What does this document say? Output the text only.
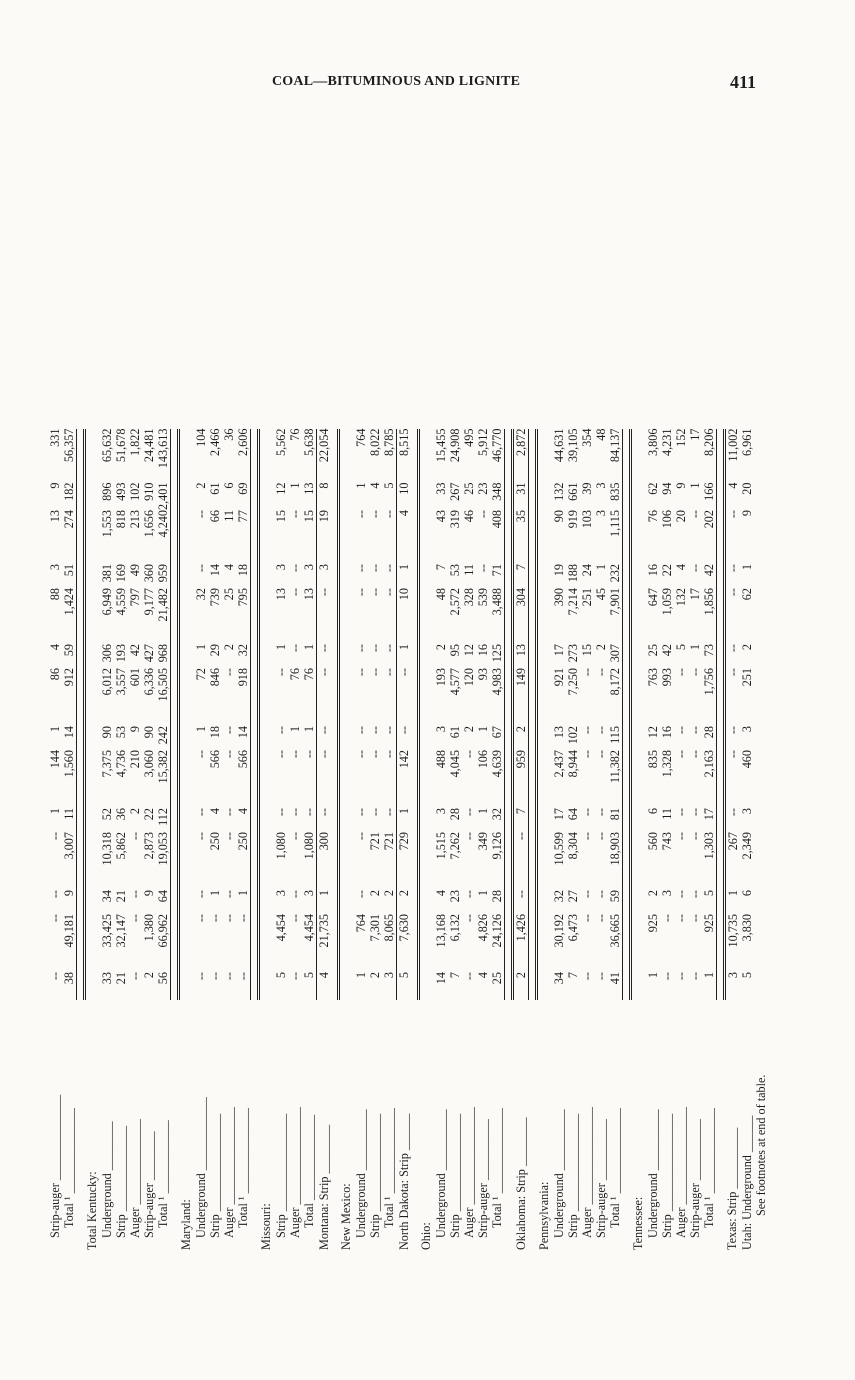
COAL—BITUMINOUS AND LIGNITE	411
Strip-auger ______________	--	--	--	--	1	144	1	86	4	88	3	13	9	331
Total ¹ ______________	38	49,181	9	3,007	11	1,560	14	912	59	1,424	51	274	182	56,357

Total Kentucky:														
Underground ________	33	33,425	34	10,318	52	7,375	90	6,012	306	6,949	381	1,553	896	65,632
Strip ______________	21	32,147	21	5,862	36	4,736	53	3,557	193	4,559	169	818	493	51,678
Auger ______________	--	--	--	--	2	210	9	601	42	797	49	213	102	1,822
Strip-auger ________	2	1,380	9	2,873	22	3,060	90	6,336	427	9,177	360	1,656	910	24,481
Total ¹ ____________	56	66,962	64	19,053	112	15,382	242	16,505	968	21,482	959	4,240	2,401	143,613

Maryland:														
Underground ____________	--	--	--	--	--	--	1	72	1	32	--	--	2	104
Strip ________________	--	--	1	250	4	566	18	846	29	739	14	66	61	2,466
Auger ________________	--	--	--	--	--	--	--	--	2	25	4	11	6	36
Total ¹ ______________	--	--	1	250	4	566	14	918	32	795	18	77	69	2,606

Missouri:														
Strip ________________	5	4,454	3	1,080	--	--	--	--	1	13	3	15	12	5,562
Auger ________________	--	--	--	--	--	--	1	76	--	--	--	--	1	76
Total ______________	5	4,454	3	1,080	--	--	1	76	1	13	3	15	13	5,638
Montana: Strip ________	4	21,735	1	300	--	--	--	--	--	--	3	19	8	22,054

New Mexico:														
Underground __________	1	764	--	--	--	--	--	--	--	--	--	--	1	764
Strip ________________	2	7,301	2	721	--	--	--	--	--	--	--	--	4	8,022
Total ¹ ______________	3	8,065	2	721	--	--	--	--	--	--	--	--	5	8,785
North Dakota: Strip ______	5	7,630	2	729	1	142	--	--	1	10	1	4	10	8,515

Ohio:														
Underground __________	14	13,168	4	1,515	3	488	3	193	2	48	7	43	33	15,455
Strip ________________	7	6,132	23	7,262	28	4,045	61	4,577	95	2,572	53	319	267	24,908
Auger ________________	--	--	--	--	--	--	2	120	12	328	11	46	25	495
Strip-auger __________	4	4,826	1	349	1	106	1	93	16	539	--	--	23	5,912
Total ¹ ______________	25	24,126	28	9,126	32	4,639	67	4,983	125	3,488	71	408	348	46,770

Oklahoma: Strip ________	2	1,426	--	--	7	959	2	149	13	304	7	35	31	2,872

Pennsylvania:														
Underground __________	34	30,192	32	10,599	17	2,437	13	921	17	390	19	90	132	44,631
Strip ________________	7	6,473	27	8,304	64	8,944	102	7,250	273	7,214	188	919	661	39,105
Auger ________________	--	--	--	--	--	--	--	--	15	251	24	103	39	354
Strip-auger __________	--	--	--	--	--	--	--	--	2	45	1	3	3	48
Total ¹ ______________	41	36,665	59	18,903	81	11,382	115	8,172	307	7,901	232	1,115	835	84,137

Tennessee:														
Underground __________	1	925	2	560	6	835	12	763	25	647	16	76	62	3,806
Strip ________________	--	--	3	743	11	1,328	16	993	42	1,059	22	106	94	4,231
Auger ________________	--	--	--	--	--	--	--	--	5	132	4	20	9	152
Strip-auger __________	--	--	--	--	--	--	--	--	1	17	--	--	1	17
Total ¹ ______________	1	925	5	1,303	17	2,163	28	1,756	73	1,856	42	202	166	8,206

Texas: Strip __________	3	10,735	1	267	--	--	--	--	--	--	--	--	4	11,002
Utah: Underground ______	5	3,830	6	2,349	3	460	3	251	2	62	1	9	20	6,961
See footnotes at end of table.														
